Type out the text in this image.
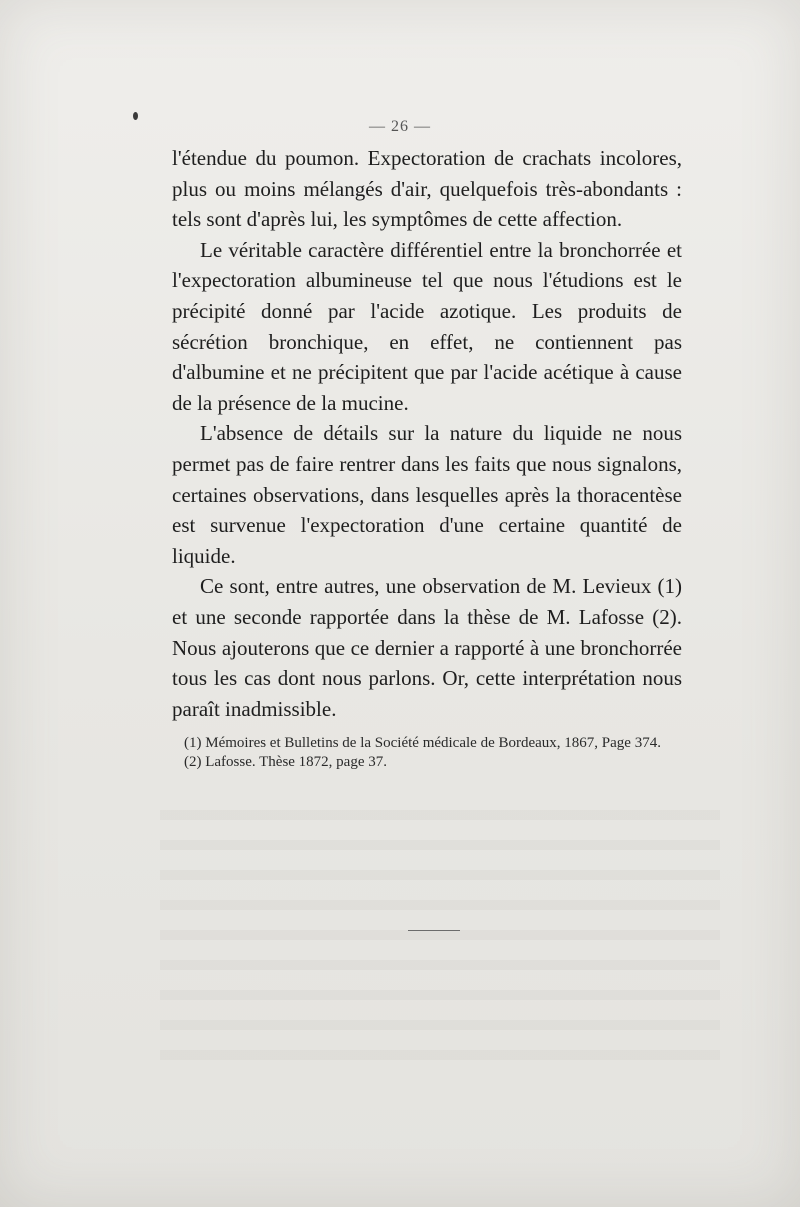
— 26 —

l'étendue du poumon. Expectoration de crachats incolores, plus ou moins mélangés d'air, quelquefois très-abondants : tels sont d'après lui, les symptômes de cette affection.

Le véritable caractère différentiel entre la bronchorrée et l'expectoration albumineuse tel que nous l'étudions est le précipité donné par l'acide azotique. Les produits de sécrétion bronchique, en effet, ne contiennent pas d'albumine et ne précipitent que par l'acide acétique à cause de la présence de la mucine.

L'absence de détails sur la nature du liquide ne nous permet pas de faire rentrer dans les faits que nous signalons, certaines observations, dans lesquelles après la thoracentèse est survenue l'expectoration d'une certaine quantité de liquide.

Ce sont, entre autres, une observation de M. Levieux (1) et une seconde rapportée dans la thèse de M. Lafosse (2). Nous ajouterons que ce dernier a rapporté à une bronchorrée tous les cas dont nous parlons. Or, cette interprétation nous paraît inadmissible.

(1) Mémoires et Bulletins de la Société médicale de Bordeaux, 1867, Page 374.

(2) Lafosse. Thèse 1872, page 37.
